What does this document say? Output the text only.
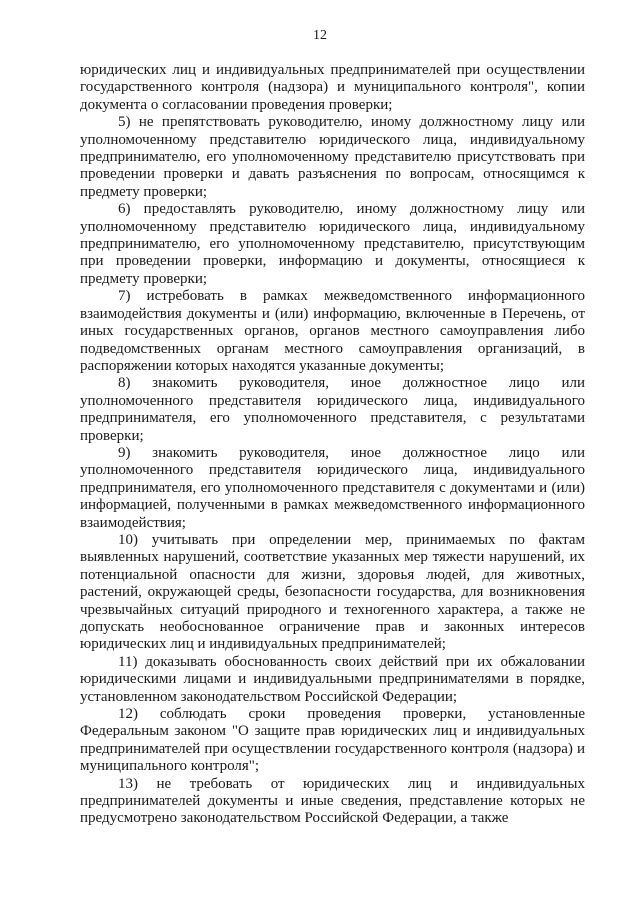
12

юридических лиц и индивидуальных предпринимателей при осуществлении государственного контроля (надзора) и муниципального контроля", копии документа о согласовании проведения проверки;

5) не препятствовать руководителю, иному должностному лицу или уполномоченному представителю юридического лица, индивидуальному предпринимателю, его уполномоченному представителю присутствовать при проведении проверки и давать разъяснения по вопросам, относящимся к предмету проверки;

6) предоставлять руководителю, иному должностному лицу или уполномоченному представителю юридического лица, индивидуальному предпринимателю, его уполномоченному представителю, присутствующим при проведении проверки, информацию и документы, относящиеся к предмету проверки;

7) истребовать в рамках межведомственного информационного взаимодействия документы и (или) информацию, включенные в Перечень, от иных государственных органов, органов местного самоуправления либо подведомственных органам местного самоуправления организаций, в распоряжении которых находятся указанные документы;

8) знакомить руководителя, иное должностное лицо или уполномоченного представителя юридического лица, индивидуального предпринимателя, его уполномоченного представителя, с результатами проверки;

9) знакомить руководителя, иное должностное лицо или уполномоченного представителя юридического лица, индивидуального предпринимателя, его уполномоченного представителя с документами и (или) информацией, полученными в рамках межведомственного информационного взаимодействия;

10) учитывать при определении мер, принимаемых по фактам выявленных нарушений, соответствие указанных мер тяжести нарушений, их потенциальной опасности для жизни, здоровья людей, для животных, растений, окружающей среды, безопасности государства, для возникновения чрезвычайных ситуаций природного и техногенного характера, а также не допускать необоснованное ограничение прав и законных интересов юридических лиц и индивидуальных предпринимателей;

11) доказывать обоснованность своих действий при их обжаловании юридическими лицами и индивидуальными предпринимателями в порядке, установленном законодательством Российской Федерации;

12) соблюдать сроки проведения проверки, установленные Федеральным законом "О защите прав юридических лиц и индивидуальных предпринимателей при осуществлении государственного контроля (надзора) и муниципального контроля";

13) не требовать от юридических лиц и индивидуальных предпринимателей документы и иные сведения, представление которых не предусмотрено законодательством Российской Федерации, а также
